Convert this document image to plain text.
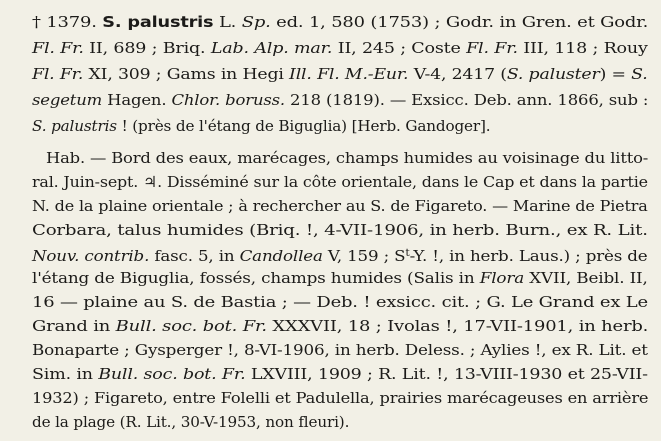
† 1379. S. palustris L. Sp. ed. 1, 580 (1753) ; Godr. in Gren. et Godr.
Fl. Fr. II, 689 ; Briq. Lab. Alp. mar. II, 245 ; Coste Fl. Fr. III, 118 ; Rouy
Fl. Fr. XI, 309 ; Gams in Hegi Ill. Fl. M.-Eur. V-4, 2417 (S. paluster) = S.
segetum Hagen. Chlor. boruss. 218 (1819). — Exsicc. Deb. ann. 1866, sub :
S. palustris ! (près de l'étang de Biguglia) [Herb. Gandoger].
Hab. — Bord des eaux, marécages, champs humides au voisinage du litto-
ral. Juin-sept. ♃. Disséminé sur la côte orientale, dans le Cap et dans la partie
N. de la plaine orientale ; à rechercher au S. de Figareto. — Marine de Pietra
Corbara, talus humides (Briq. !, 4-VII-1906, in herb. Burn., ex R. Lit.
Nouv. contrib. fasc. 5, in Candollea V, 159 ; $S^t-Y$. !, in herb. Laus.) ; près de
l'étang de Biguglia, fossés, champs humides (Salis in Flora XVII, Beibl. II,
16 — plaine au S. de Bastia ; — Deb. ! exsicc. cit. ; G. Le Grand ex Le
Grand in Bull. soc. bot. Fr. XXXVII, 18 ; Ivolas !, 17-VII-1901, in herb.
Bonaparte ; Gysperger !, 8-VI-1906, in herb. Deless. ; Aylies !, ex R. Lit. et
Sim. in Bull. soc. bot. Fr. LXVIII, 1909 ; R. Lit. !, 13-VIII-1930 et 25-VII-
1932) ; Figareto, entre Folelli et Padulella, prairies marécageuses en arrière
de la plage (R. Lit., 30-V-1953, non fleuri).
